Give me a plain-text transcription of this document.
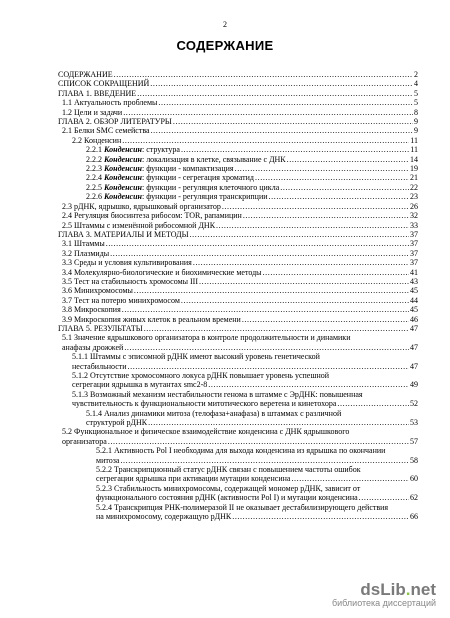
2
СОДЕРЖАНИЕ
СОДЕРЖАНИЕ .....	2
СПИСОК СОКРАЩЕНИЙ .....	4
ГЛАВА 1. ВВЕДЕНИЕ .....	5
1.1 Актуальность проблемы .....	5
1.2 Цели и задачи .....	8
ГЛАВА 2. ОБЗОР ЛИТЕРАТУРЫ .....	9
2.1 Белки SMC семейства .....	9
2.2 Конденсин .....	11
2.2.1 Конденсин: структура .....	11
2.2.2 Конденсин: локализация в клетке, связывание с ДНК .....	14
2.2.3 Конденсин: функции - компактизация .....	19
2.2.4 Конденсин: функции - сегрегация хроматид .....	21
2.2.5 Конденсин: функции - регуляция клеточного цикла .....	22
2.2.6 Конденсин: функции - регуляция транскрипции .....	23
2.3 рДНК, ядрышко, ядрышковый организатор .....	26
2.4 Регуляция биосинтеза рибосом: TOR, рапамицин .....	32
2.5 Штаммы с изменённой рибосомной ДНК .....	33
ГЛАВА 3. МАТЕРИАЛЫ И МЕТОДЫ .....	37
3.1 Штаммы .....	37
3.2 Плазмиды .....	37
3.3 Среды и условия культивирования .....	37
3.4 Молекулярно-биологические и биохимические методы .....	41
3.5 Тест на стабильность хромосомы III .....	43
3.6 Минихромосомы .....	45
3.7 Тест на потерю минихромосом .....	44
3.8 Микроскопия .....	45
3.9 Микроскопия живых клеток в реальном времени .....	46
ГЛАВА 5. РЕЗУЛЬТАТЫ .....	47
5.1 Значение ядрышкового организатора в контроле продолжительности и динамики
анафазы дрожжей .....	47
5.1.1 Штаммы с эписомной рДНК имеют высокий уровень генетической
нестабильности .....	47
5.1.2 Отсутствие хромосомного локуса рДНК повышает уровень успешной
сегрегации ядрышка в мутантах smc2-8 .....	49
5.1.3 Возможный механизм нестабильности генома в штамме с ЭрДНК: повышенная
чувствительность к функциональности митотического веретена и кинетохора .....	52
5.1.4 Анализ динамики митоза (телофаза+анафаза) в штаммах с различной
структурой рДНК .....	53
5.2 Функциональное и физическое взаимодействие конденсина с ДНК ядрышкового
организатора .....	57
5.2.1 Активность Pol I необходима для выхода конденсина из ядрышка по окончании
митоза .....	58
5.2.2 Транскрипционный статус рДНК связан с повышением частоты ошибок
сегрегации ядрышка при активации мутации конденсина .....	60
5.2.3 Стабильность минихромосомы, содержащей мономер рДНК, зависит от
функционального состояния рДНК (активности Pol I) и мутации конденсина .....	62
5.2.4 Транскрипция РНК-полимеразой II не оказывает дестабилизирующего действия
на минихромосому, содержащую рДНК .....	66
dsLib.net
библиотека диссертаций
